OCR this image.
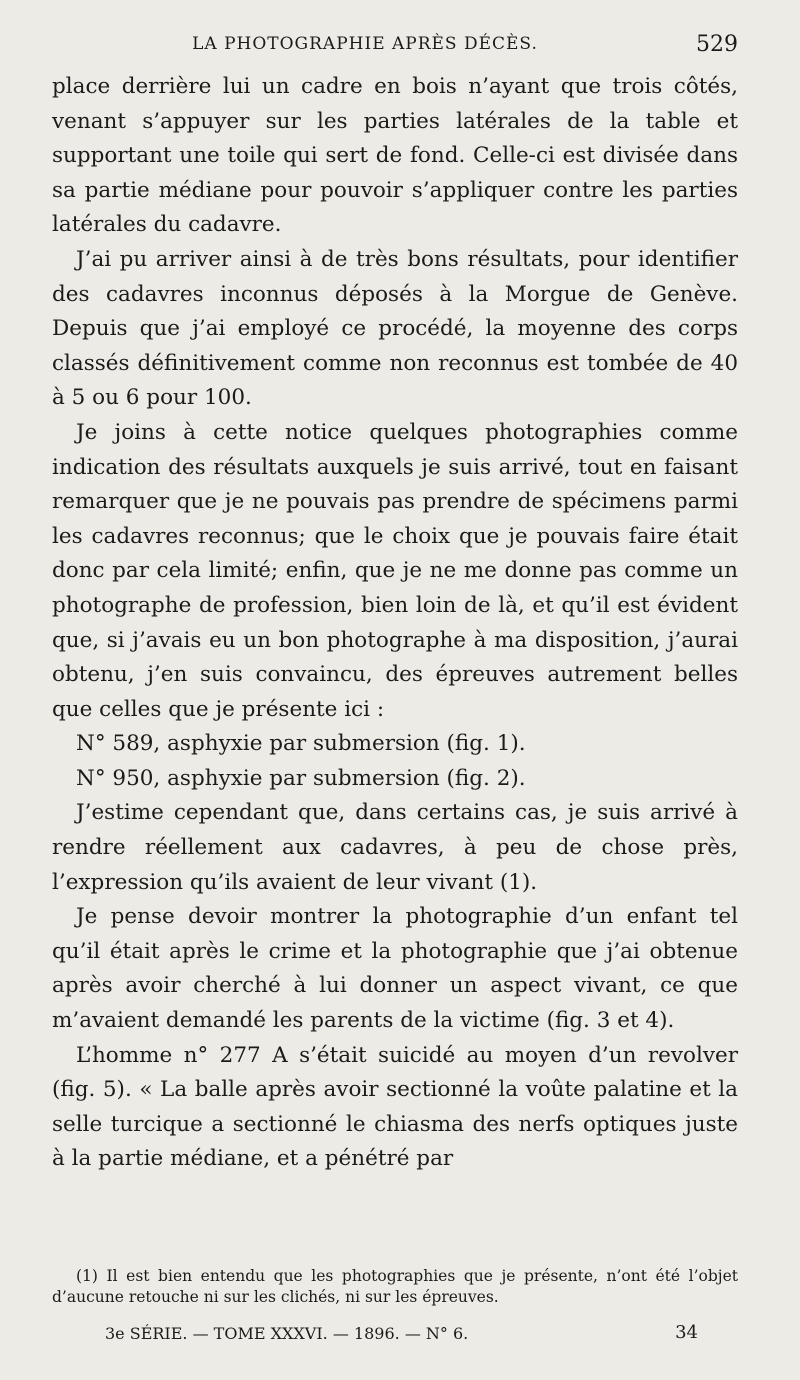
LA PHOTOGRAPHIE APRÈS DÉCÈS.	529

place derrière lui un cadre en bois n’ayant que trois côtés, venant s’appuyer sur les parties latérales de la table et supportant une toile qui sert de fond. Celle-ci est divisée dans sa partie médiane pour pouvoir s’appliquer contre les parties latérales du cadavre.

J’ai pu arriver ainsi à de très bons résultats, pour identifier des cadavres inconnus déposés à la Morgue de Genève. Depuis que j’ai employé ce procédé, la moyenne des corps classés définitivement comme non reconnus est tombée de 40 à 5 ou 6 pour 100.

Je joins à cette notice quelques photographies comme indication des résultats auxquels je suis arrivé, tout en faisant remarquer que je ne pouvais pas prendre de spécimens parmi les cadavres reconnus; que le choix que je pouvais faire était donc par cela limité; enfin, que je ne me donne pas comme un photographe de profession, bien loin de là, et qu’il est évident que, si j’avais eu un bon photographe à ma disposition, j’aurai obtenu, j’en suis convaincu, des épreuves autrement belles que celles que je présente ici :

N° 589, asphyxie par submersion (fig. 1).

N° 950, asphyxie par submersion (fig. 2).

J’estime cependant que, dans certains cas, je suis arrivé à rendre réellement aux cadavres, à peu de chose près, l’expression qu’ils avaient de leur vivant (1).

Je pense devoir montrer la photographie d’un enfant tel qu’il était après le crime et la photographie que j’ai obtenue après avoir cherché à lui donner un aspect vivant, ce que m’avaient demandé les parents de la victime (fig. 3 et 4).

L’homme n° 277 A s’était suicidé au moyen d’un revolver (fig. 5). « La balle après avoir sectionné la voûte palatine et la selle turcique a sectionné le chiasma des nerfs optiques juste à la partie médiane, et a pénétré par

(1) Il est bien entendu que les photographies que je présente, n’ont été l’objet d’aucune retouche ni sur les clichés, ni sur les épreuves.

3e SÉRIE. — TOME XXXVI. — 1896. — N° 6.	34
